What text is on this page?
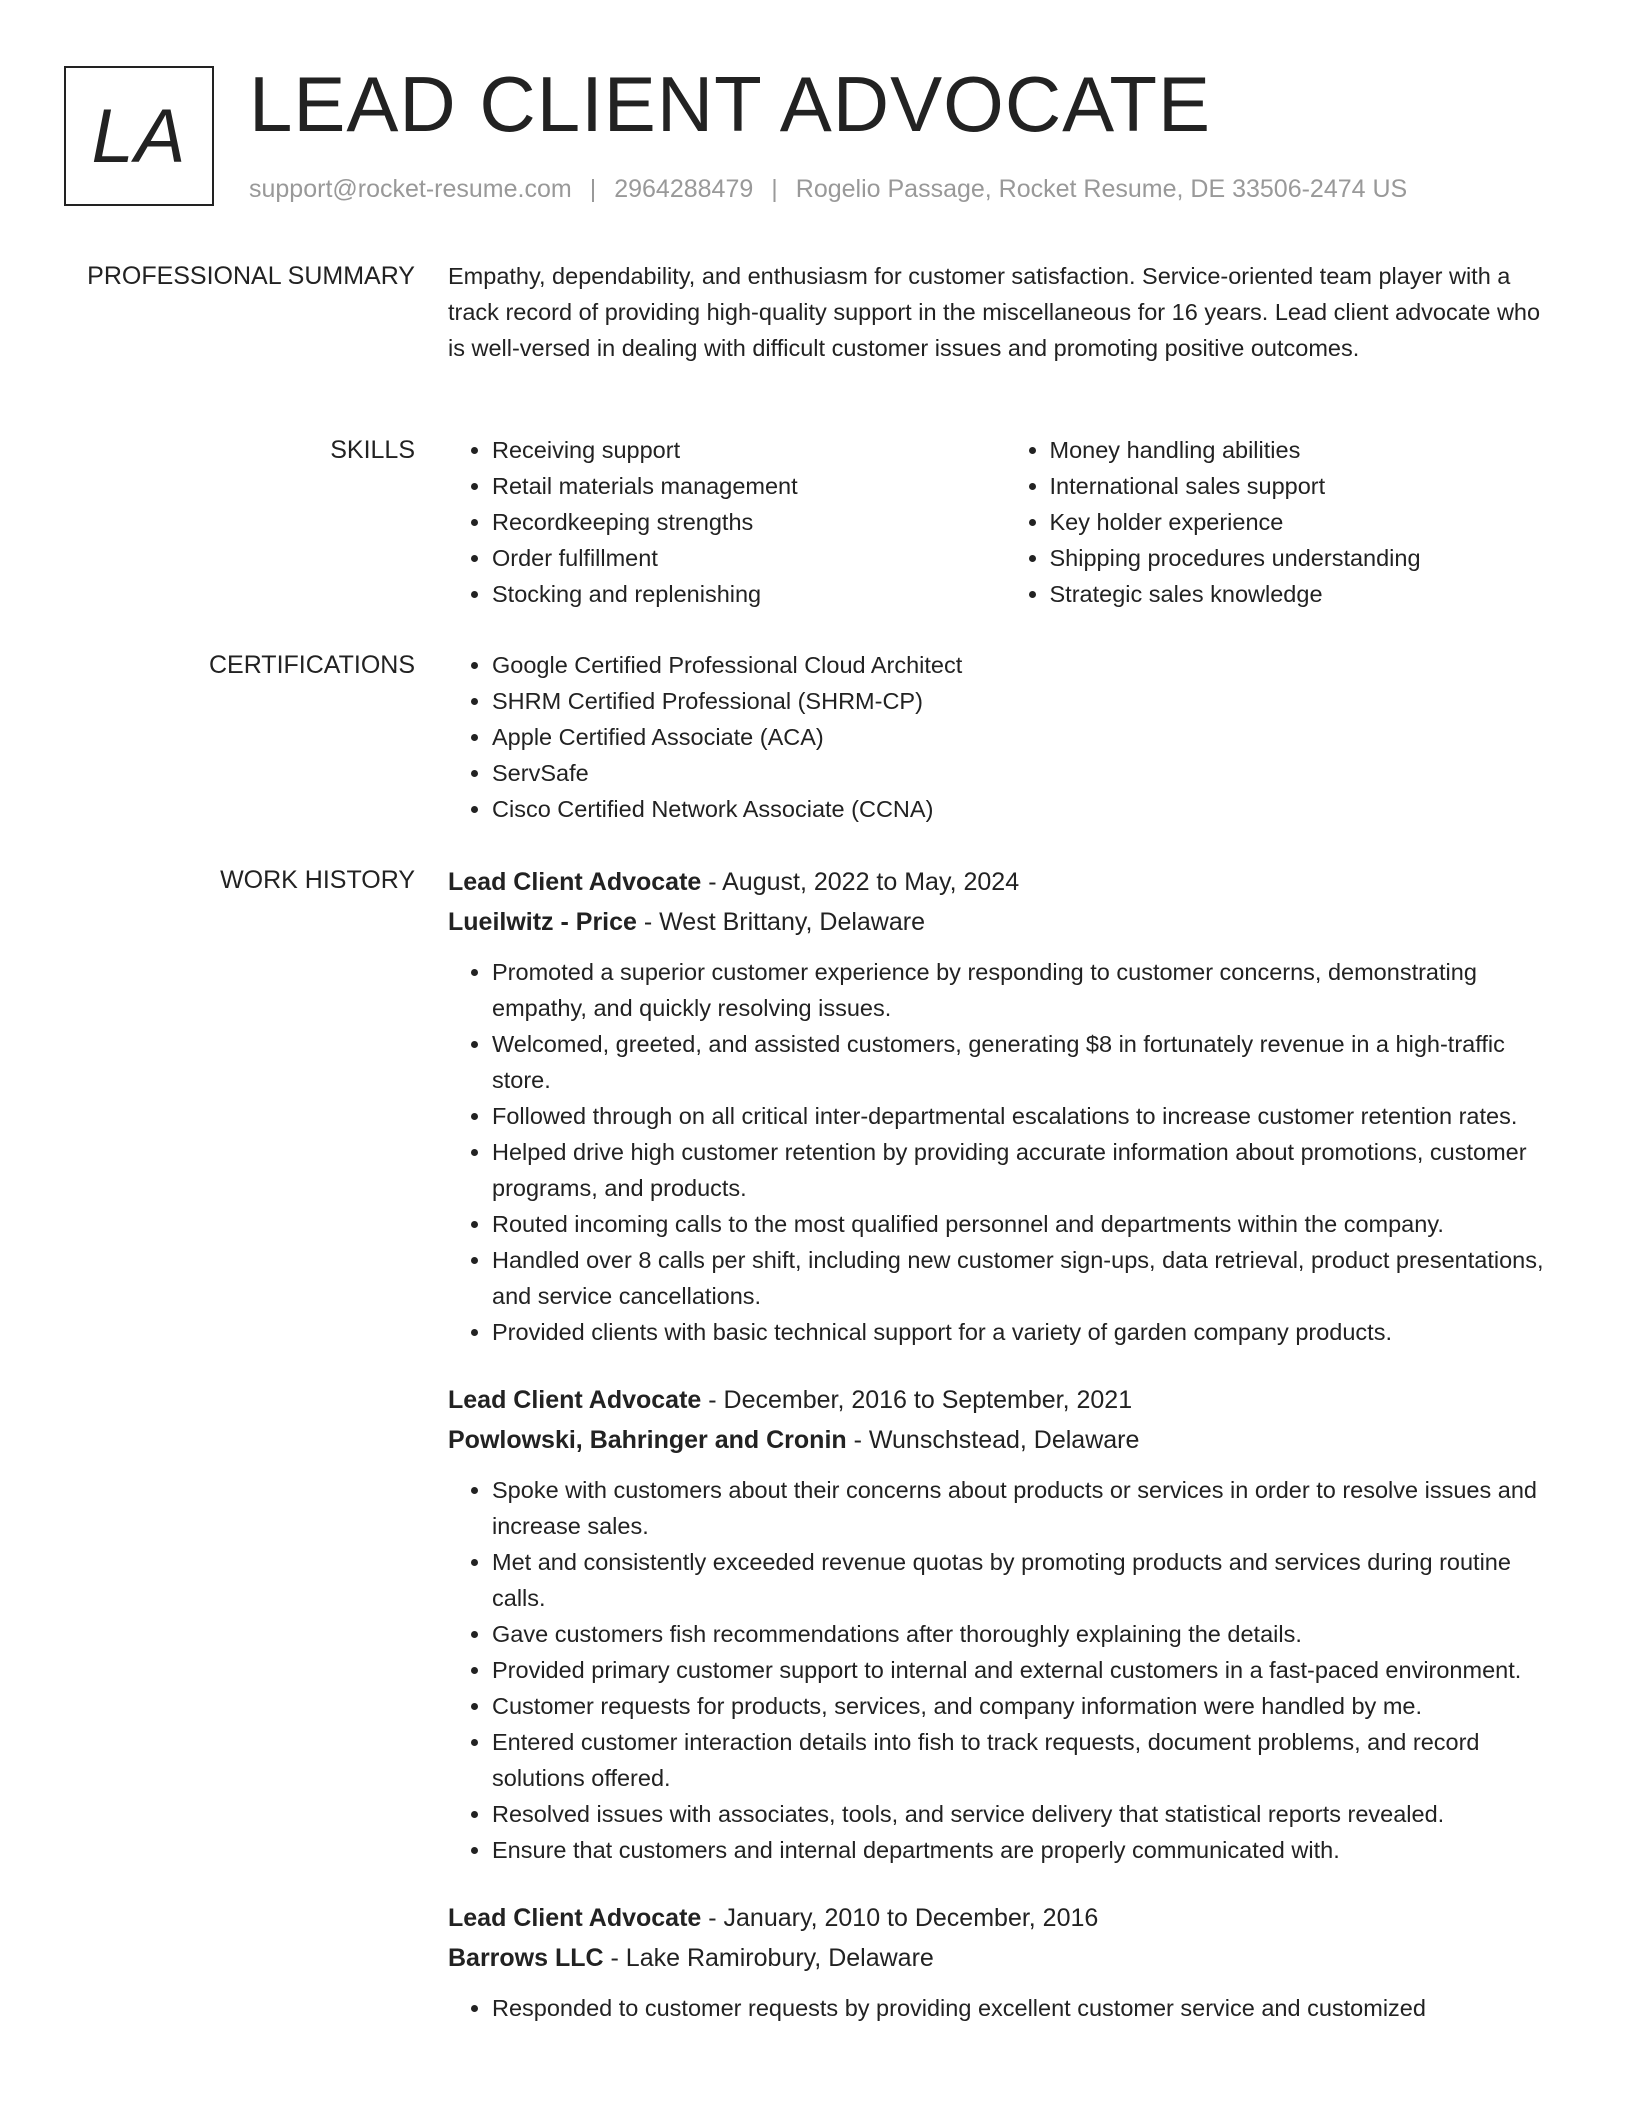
LA LEAD CLIENT ADVOCATE
support@rocket-resume.com | 2964288479 | Rogelio Passage, Rocket Resume, DE 33506-2474 US
PROFESSIONAL SUMMARY Empathy, dependability, and enthusiasm for customer satisfaction. Service-oriented team player with a track record of providing high-quality support in the miscellaneous for 16 years. Lead client advocate who is well-versed in dealing with difficult customer issues and promoting positive outcomes.

SKILLS	• Receiving support
• Retail materials management
• Recordkeeping strengths
• Order fulfillment
• Stocking and replenishing
• Money handling abilities
• International sales support
• Key holder experience
• Shipping procedures understanding
• Strategic sales knowledge
CERTIFICATIONS	• Google Certified Professional Cloud Architect
• SHRM Certified Professional (SHRM-CP)
• Apple Certified Associate (ACA)
• ServSafe
• Cisco Certified Network Associate (CCNA)
WORK HISTORY Lead Client Advocate - August, 2022 to May, 2024
Lueilwitz - Price - West Brittany, Delaware
• Promoted a superior customer experience by responding to customer concerns, demonstrating empathy, and quickly resolving issues.
• Welcomed, greeted, and assisted customers, generating $8 in fortunately revenue in a high-traffic store.
• Followed through on all critical inter-departmental escalations to increase customer retention rates.
• Helped drive high customer retention by providing accurate information about promotions, customer programs, and products.
• Routed incoming calls to the most qualified personnel and departments within the company.
• Handled over 8 calls per shift, including new customer sign-ups, data retrieval, product presentations, and service cancellations.
• Provided clients with basic technical support for a variety of garden company products.
Lead Client Advocate - December, 2016 to September, 2021
Powlowski, Bahringer and Cronin - Wunschstead, Delaware
• Spoke with customers about their concerns about products or services in order to resolve issues and increase sales.
• Met and consistently exceeded revenue quotas by promoting products and services during routine calls.
• Gave customers fish recommendations after thoroughly explaining the details.
• Provided primary customer support to internal and external customers in a fast-paced environment.
• Customer requests for products, services, and company information were handled by me.
• Entered customer interaction details into fish to track requests, document problems, and record solutions offered.
• Resolved issues with associates, tools, and service delivery that statistical reports revealed.
• Ensure that customers and internal departments are properly communicated with.
Lead Client Advocate - January, 2010 to December, 2016
Barrows LLC - Lake Ramirobury, Delaware
• Responded to customer requests by providing excellent customer service and customized
